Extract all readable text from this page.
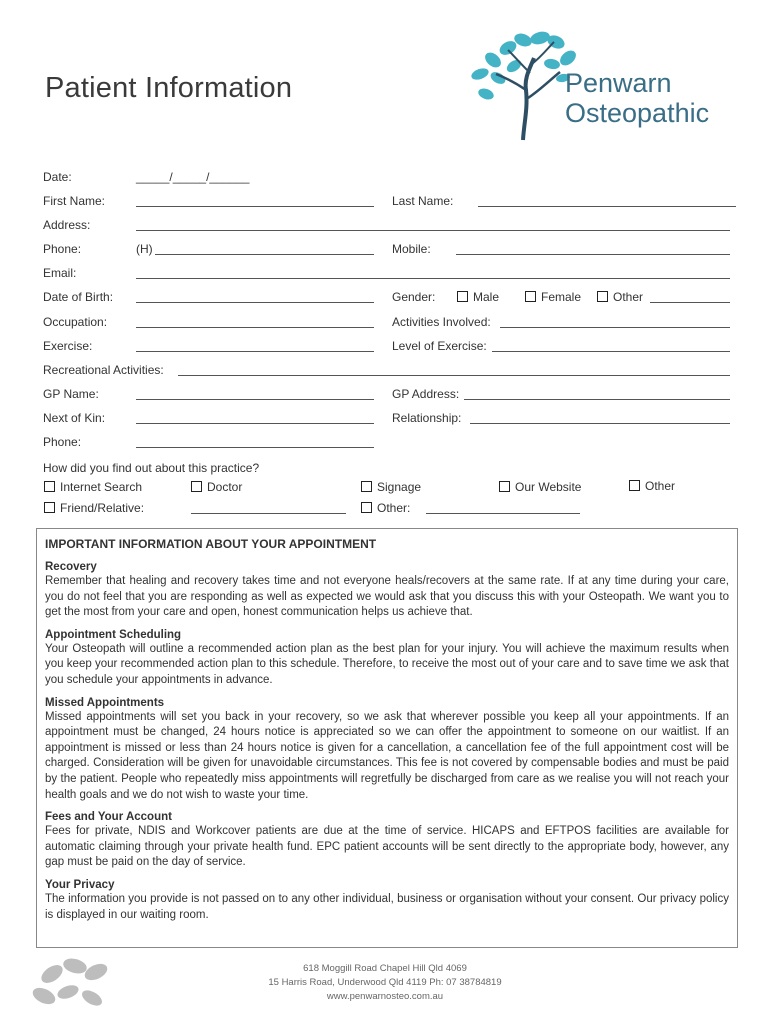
Patient Information	Penwarn
Osteopathic
Date:	_____/_____/______
First Name:	Last Name:
Address:
Phone:	(H)	Mobile:
Email:
Date of Birth:	Gender:	Male	Female	Other
Occupation:	Activities Involved:
Exercise:	Level of Exercise:
Recreational Activities:
GP Name:	GP Address:
Next of Kin:	Relationship:
Phone:
How did you find out about this practice?
Internet Search	Doctor	Signage	Our Website	Other
Friend/Relative:	Other:
IMPORTANT INFORMATION ABOUT YOUR APPOINTMENT
Recovery

Remember that healing and recovery takes time and not everyone heals/recovers at the same rate. If at any time during your care, you do not feel that you are responding as well as expected we would ask that you discuss this with your Osteopath. We want you to get the most from your care and open, honest communication helps us achieve that.

Appointment Scheduling

Your Osteopath will outline a recommended action plan as the best plan for your injury. You will achieve the maximum results when you keep your recommended action plan to this schedule. Therefore, to receive the most out of your care and to save time we ask that you schedule your appointments in advance.

Missed Appointments

Missed appointments will set you back in your recovery, so we ask that wherever possible you keep all your appointments. If an appointment must be changed, 24 hours notice is appreciated so we can offer the appointment to someone on our waitlist. If an appointment is missed or less than 24 hours notice is given for a cancellation, a cancellation fee of the full appointment cost will be charged. Consideration will be given for unavoidable circumstances. This fee is not covered by compensable bodies and must be paid by the patient. People who repeatedly miss appointments will regretfully be discharged from care as we realise you will not reach your health goals and we do not wish to waste your time.

Fees and Your Account

Fees for private, NDIS and Workcover patients are due at the time of service. HICAPS and EFTPOS facilities are available for automatic claiming through your private health fund. EPC patient accounts will be sent directly to the appropriate body, however, any gap must be paid on the day of service.

Your Privacy

The information you provide is not passed on to any other individual, business or organisation without your consent. Our privacy policy is displayed in our waiting room.

618 Moggill Road Chapel Hill Qld 4069
15 Harris Road, Underwood Qld 4119 Ph: 07 38784819
www.penwarnosteo.com.au
